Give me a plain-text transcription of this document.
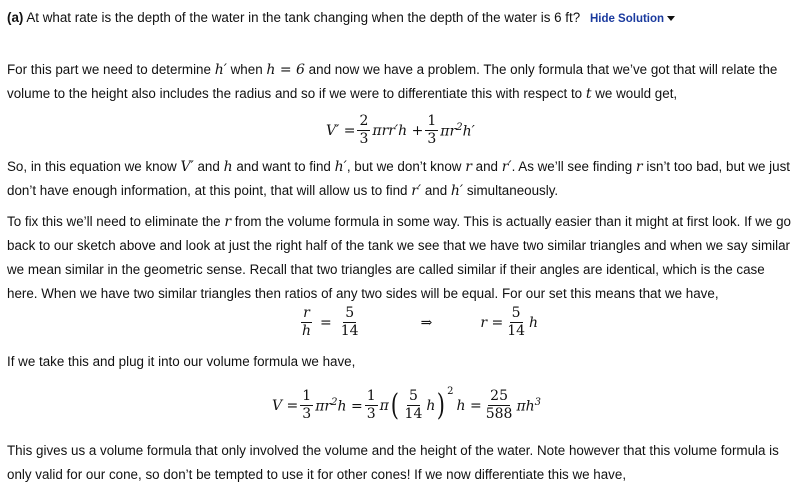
(a) At what rate is the depth of the water in the tank changing when the depth of the water is 6 ft? Hide Solution
For this part we need to determine h′ when h = 6 and now we have a problem. The only formula that we’ve got that will relate the volume to the height also includes the radius and so if we were to differentiate this with respect to t we would get,
$V' = \frac{2}{3} \pi rr'h + \frac{1}{3} \pi r^2h'$
So, in this equation we know V′ and h and want to find h′, but we don’t know r and r′. As we’ll see finding r isn’t too bad, but we just don’t have enough information, at this point, that will allow us to find r′ and h′ simultaneously.
To fix this we’ll need to eliminate the r from the volume formula in some way. This is actually easier than it might at first look. If we go back to our sketch above and look at just the right half of the tank we see that we have two similar triangles and when we say similar we mean similar in the geometric sense. Recall that two triangles are called similar if their angles are identical, which is the case here. When we have two similar triangles then ratios of any two sides will be equal. For our set this means that we have,
$\frac{r}{h} = \frac{5}{14}$	⇒	$r = \frac{5}{14}$ h
If we take this and plug it into our volume formula we have,
$V = \frac{1}{3} \pi r^2h = \frac{1}{3}$ π ( $\frac{5}{14}$ h )$^2$
$h = \frac{25}{588} \pi h^3$
This gives us a volume formula that only involved the volume and the height of the water. Note however that this volume formula is only valid for our cone, so don’t be tempted to use it for other cones! If we now differentiate this we have,
